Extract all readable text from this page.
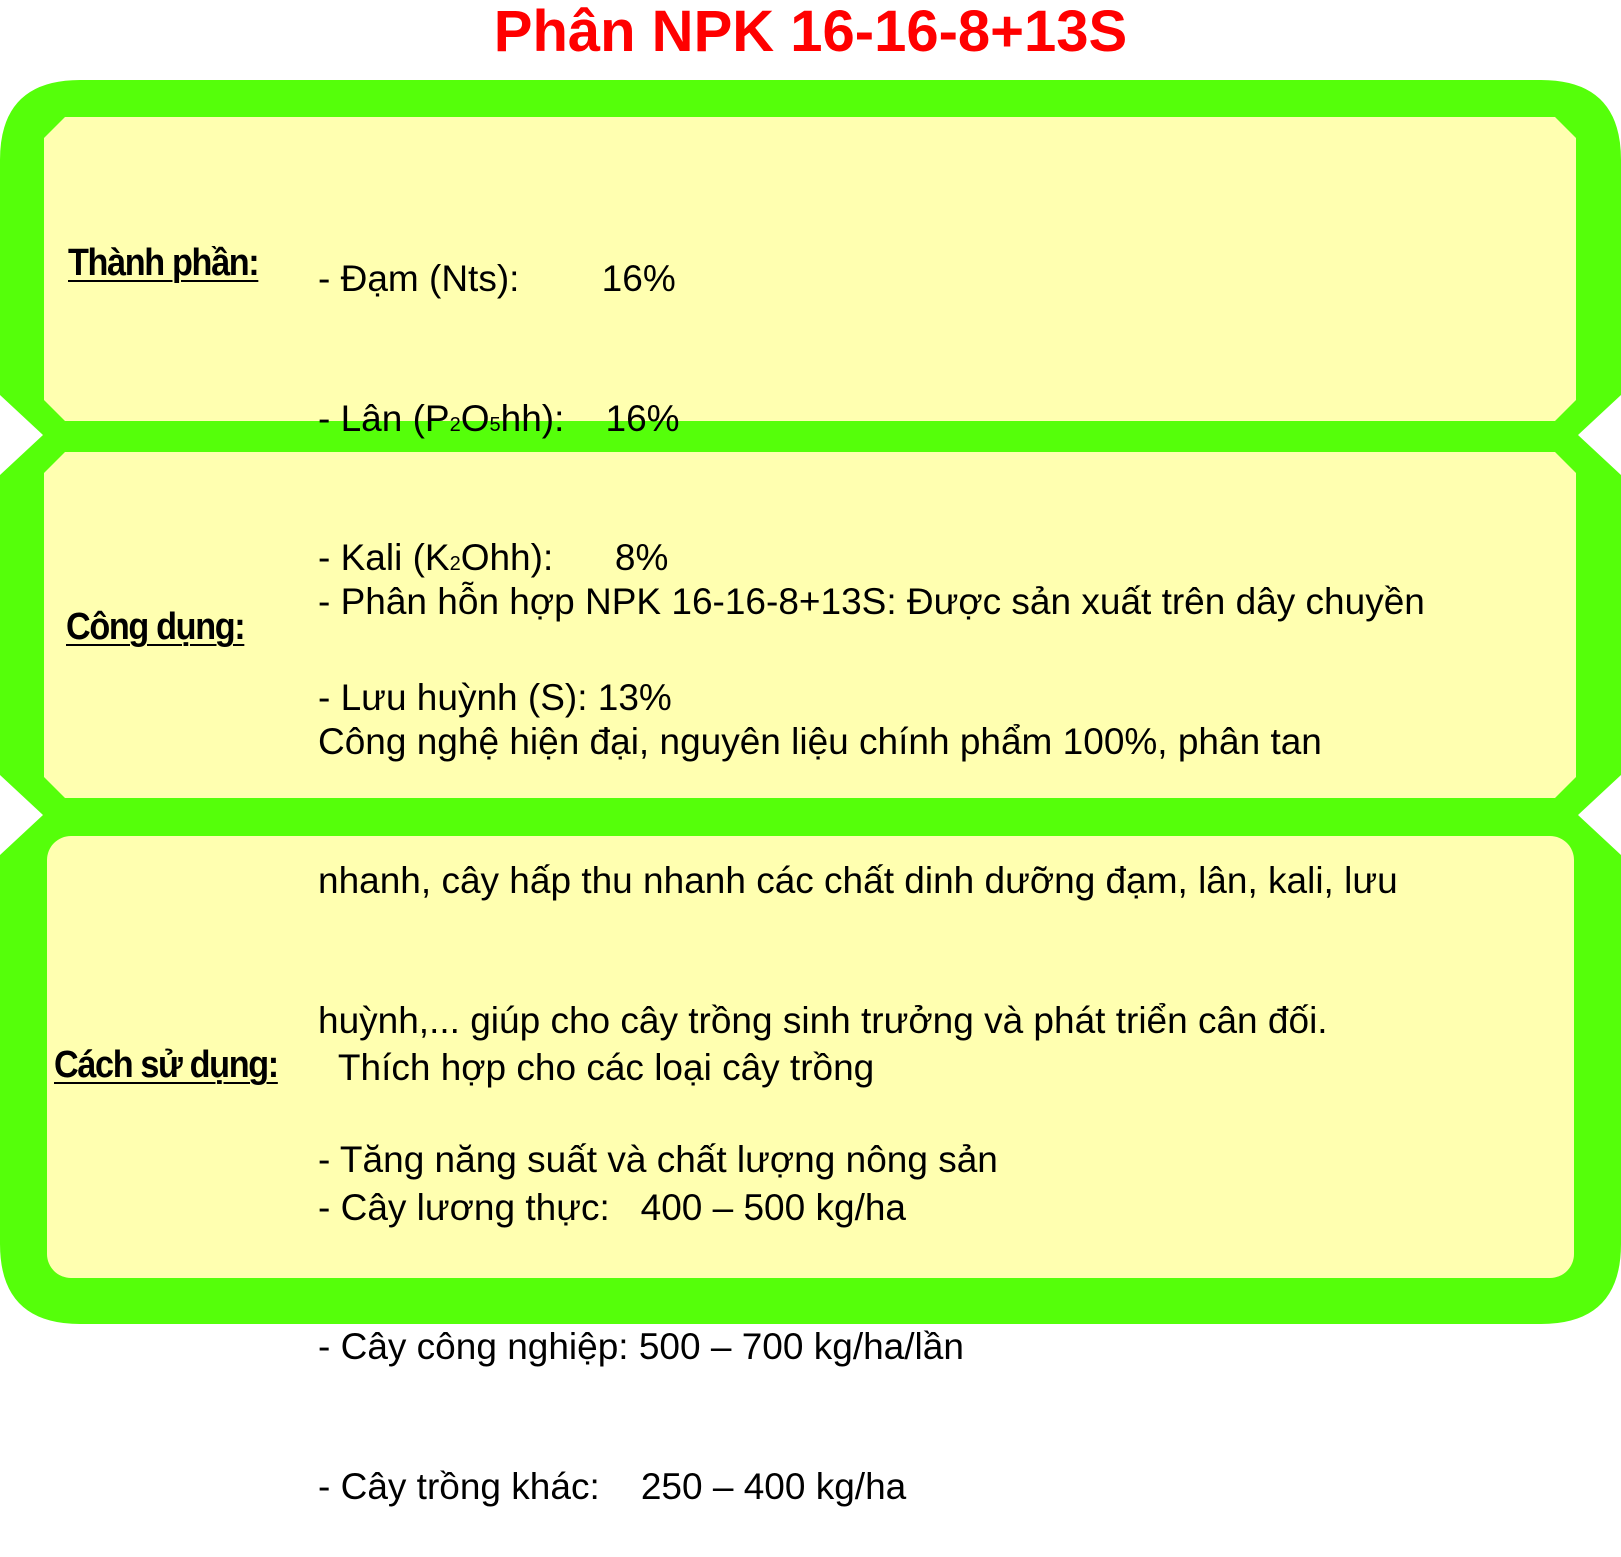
Phân NPK 16-16-8+13S

Thành phần:

- Đạm (Nts):        16%

- Lân (P2O5hh):    16%

- Kali (K2Ohh):      8%

- Lưu huỳnh (S): 13%

Công dụng:

- Phân hỗn hợp NPK 16-16-8+13S: Được sản xuất trên dây chuyền

Công nghệ hiện đại, nguyên liệu chính phẩm 100%, phân tan

nhanh, cây hấp thu nhanh các chất dinh dưỡng đạm, lân, kali, lưu

huỳnh,... giúp cho cây trồng sinh trưởng và phát triển cân đối.

- Tăng năng suất và chất lượng nông sản

Cách sử dụng:

Thích hợp cho các loại cây trồng

- Cây lương thực:   400 – 500 kg/ha

- Cây công nghiệp: 500 – 700 kg/ha/lần

- Cây trồng khác:    250 – 400 kg/ha
